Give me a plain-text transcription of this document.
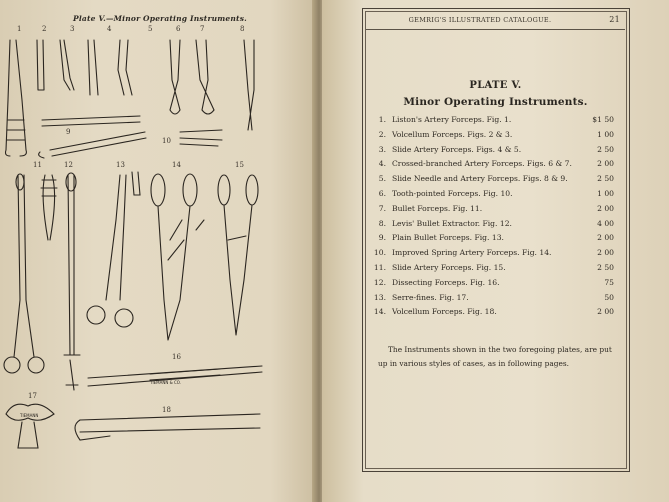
Plate V.—Minor Operating Instruments.
1	2	3	4	5	6	7	8
9
10
11	12	13	14	15
16
17
18
TIEMANN & CO.
TIEMANN
GEMRIG'S ILLUSTRATED CATALOGUE.	21
PLATE V.
Minor Operating Instruments.
1. Liston's Artery Forceps. Fig. 1.	$1 50
2. Volcellum Forceps. Figs. 2 & 3.	1 00
3. Slide Artery Forceps. Figs. 4 & 5.	2 50
4. Crossed-branched Artery Forceps. Figs. 6 & 7.	2 00
5. Slide Needle and Artery Forceps. Figs. 8 & 9.	2 50
6. Tooth-pointed Forceps. Fig. 10.	1 00
7. Bullet Forceps. Fig. 11.	2 00
8. Levis' Bullet Extractor. Fig. 12.	4 00
9. Plain Bullet Forceps. Fig. 13.	2 00
10. Improved Spring Artery Forceps. Fig. 14.	2 00
11. Slide Artery Forceps. Fig. 15.	2 50
12. Dissecting Forceps. Fig. 16.	75
13. Serre-fines. Fig. 17.	50
14. Volcellum Forceps. Fig. 18.	2 00

The Instruments shown in the two foregoing plates, are put up in various styles of cases, as in following pages.
